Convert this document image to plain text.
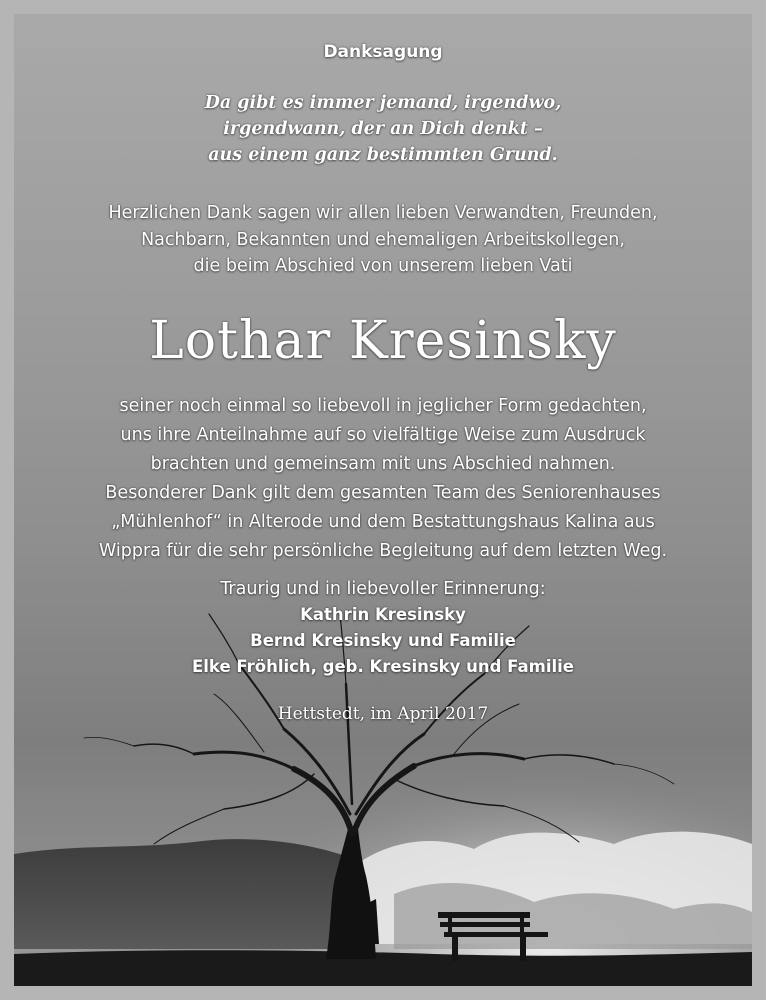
Danksagung
Da gibt es immer jemand, irgendwo,
irgendwann, der an Dich denkt –
aus einem ganz bestimmten Grund.
Herzlichen Dank sagen wir allen lieben Verwandten, Freunden,
Nachbarn, Bekannten und ehemaligen Arbeitskollegen,
die beim Abschied von unserem lieben Vati
Lothar Kresinsky
seiner noch einmal so liebevoll in jeglicher Form gedachten,
uns ihre Anteilnahme auf so vielfältige Weise zum Ausdruck
brachten und gemeinsam mit uns Abschied nahmen.
Besonderer Dank gilt dem gesamten Team des Seniorenhauses
„Mühlenhof“ in Alterode und dem Bestattungshaus Kalina aus
Wippra für die sehr persönliche Begleitung auf dem letzten Weg.
Traurig und in liebevoller Erinnerung:
Kathrin Kresinsky
Bernd Kresinsky und Familie
Elke Fröhlich, geb. Kresinsky und Familie
Hettstedt, im April 2017
